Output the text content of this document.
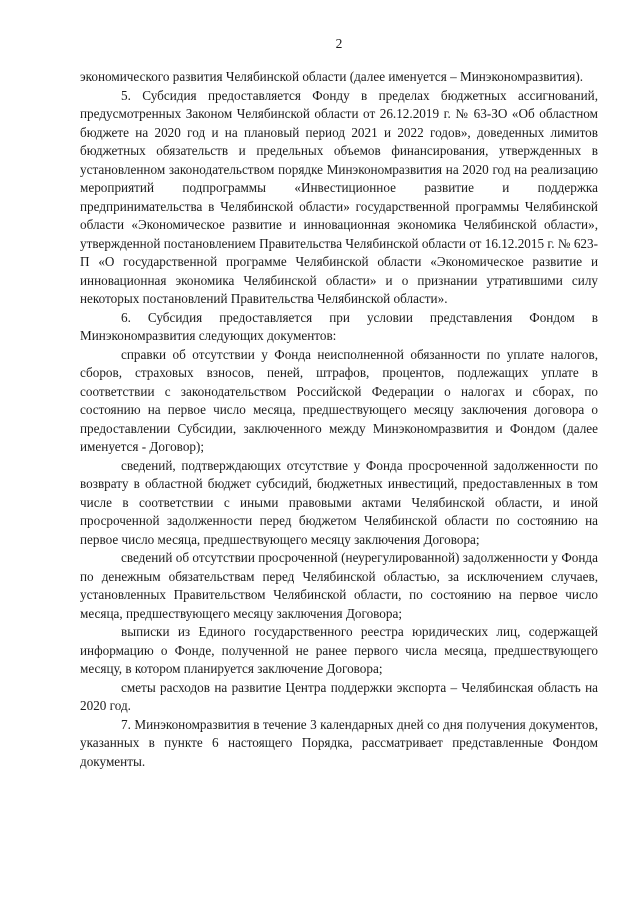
2

экономического развития Челябинской области (далее именуется – Минэкономразвития).

5. Субсидия предоставляется Фонду в пределах бюджетных ассигнований, предусмотренных Законом Челябинской области от 26.12.2019 г. № 63-ЗО «Об областном бюджете на 2020 год и на плановый период 2021 и 2022 годов», доведенных лимитов бюджетных обязательств и предельных объемов финансирования, утвержденных в установленном законодательством порядке Минэкономразвития на 2020 год на реализацию мероприятий подпрограммы «Инвестиционное развитие и поддержка предпринимательства в Челябинской области» государственной программы Челябинской области «Экономическое развитие и инновационная экономика Челябинской области», утвержденной постановлением Правительства Челябинской области от 16.12.2015 г. № 623-П «О государственной программе Челябинской области «Экономическое развитие и инновационная экономика Челябинской области» и о признании утратившими силу некоторых постановлений Правительства Челябинской области».

6. Субсидия предоставляется при условии представления Фондом в Минэкономразвития следующих документов:

справки об отсутствии у Фонда неисполненной обязанности по уплате налогов, сборов, страховых взносов, пеней, штрафов, процентов, подлежащих уплате в соответствии с законодательством Российской Федерации о налогах и сборах, по состоянию на первое число месяца, предшествующего месяцу заключения договора о предоставлении Субсидии, заключенного между Минэкономразвития и Фондом (далее именуется - Договор);

сведений, подтверждающих отсутствие у Фонда просроченной задолженности по возврату в областной бюджет субсидий, бюджетных инвестиций, предоставленных в том числе в соответствии с иными правовыми актами Челябинской области, и иной просроченной задолженности перед бюджетом Челябинской области по состоянию на первое число месяца, предшествующего месяцу заключения Договора;

сведений об отсутствии просроченной (неурегулированной) задолженности у Фонда по денежным обязательствам перед Челябинской областью, за исключением случаев, установленных Правительством Челябинской области, по состоянию на первое число месяца, предшествующего месяцу заключения Договора;

выписки из Единого государственного реестра юридических лиц, содержащей информацию о Фонде, полученной не ранее первого числа месяца, предшествующего месяцу, в котором планируется заключение Договора;

сметы расходов на развитие Центра поддержки экспорта – Челябинская область на 2020 год.

7. Минэкономразвития в течение 3 календарных дней со дня получения документов, указанных в пункте 6 настоящего Порядка, рассматривает представленные Фондом документы.
